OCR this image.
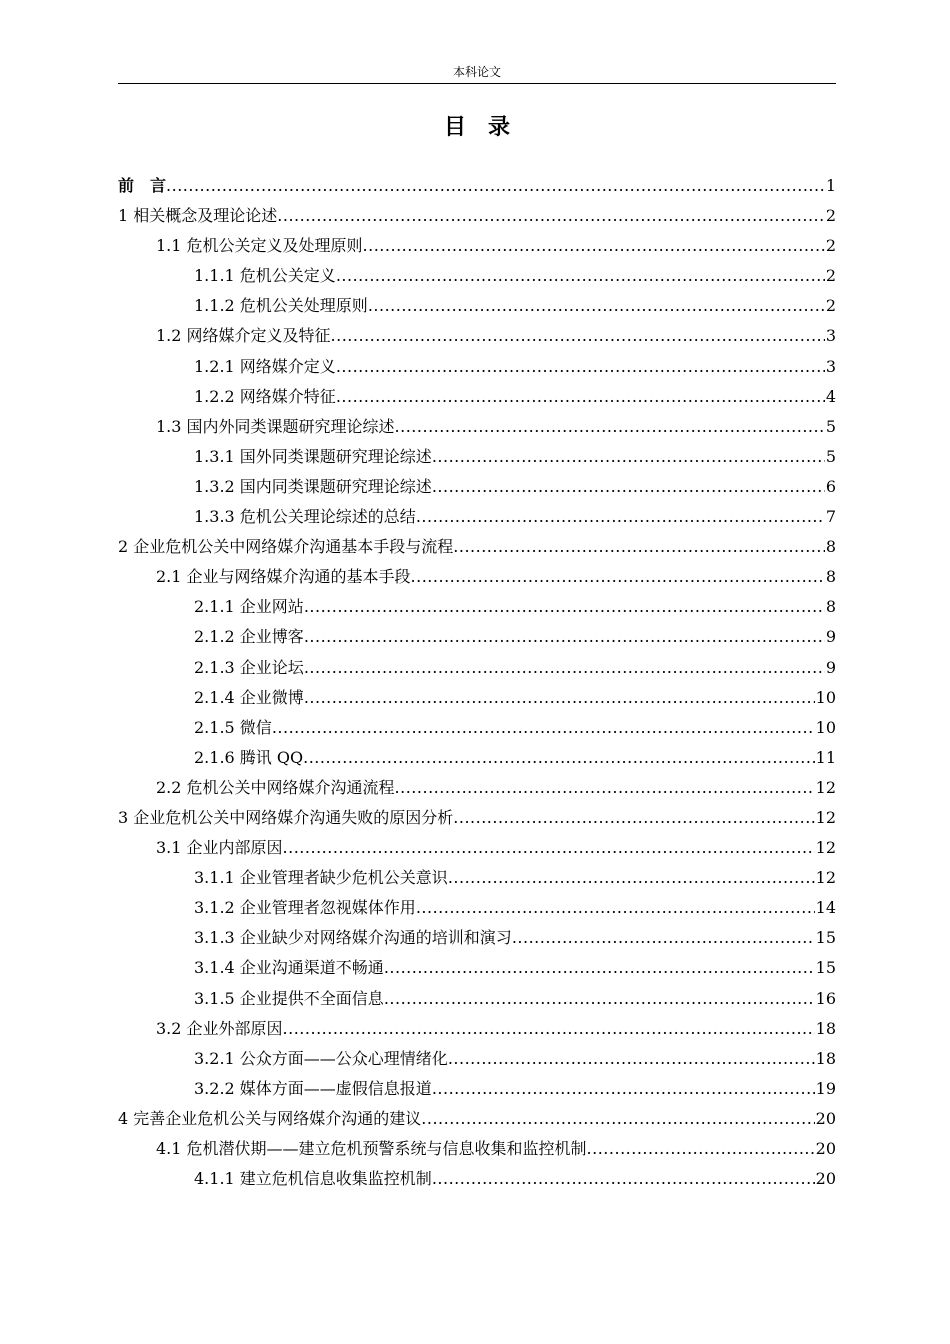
本科论文
目录
前言 .....	1
1 相关概念及理论论述 .....	2
1.1 危机公关定义及处理原则 .....	2
1.1.1 危机公关定义 .....	2
1.1.2 危机公关处理原则 .....	2
1.2 网络媒介定义及特征 .....	3
1.2.1 网络媒介定义 .....	3
1.2.2 网络媒介特征 .....	4
1.3 国内外同类课题研究理论综述 .....	5
1.3.1 国外同类课题研究理论综述 .....	5
1.3.2 国内同类课题研究理论综述 .....	6
1.3.3 危机公关理论综述的总结 .....	7
2 企业危机公关中网络媒介沟通基本手段与流程 .....	8
2.1 企业与网络媒介沟通的基本手段 .....	8
2.1.1 企业网站 .....	8
2.1.2 企业博客 .....	9
2.1.3 企业论坛 .....	9
2.1.4 企业微博 .....	10
2.1.5 微信 .....	10
2.1.6 腾讯 QQ .....	11
2.2 危机公关中网络媒介沟通流程 .....	12
3 企业危机公关中网络媒介沟通失败的原因分析 .....	12
3.1 企业内部原因 .....	12
3.1.1 企业管理者缺少危机公关意识 .....	12
3.1.2 企业管理者忽视媒体作用 .....	14
3.1.3 企业缺少对网络媒介沟通的培训和演习 .....	15
3.1.4 企业沟通渠道不畅通 .....	15
3.1.5 企业提供不全面信息 .....	16
3.2 企业外部原因 .....	18
3.2.1 公众方面——公众心理情绪化 .....	18
3.2.2 媒体方面——虚假信息报道 .....	19
4 完善企业危机公关与网络媒介沟通的建议 .....	20
4.1 危机潜伏期——建立危机预警系统与信息收集和监控机制 .....	20
4.1.1 建立危机信息收集监控机制 .....	20
